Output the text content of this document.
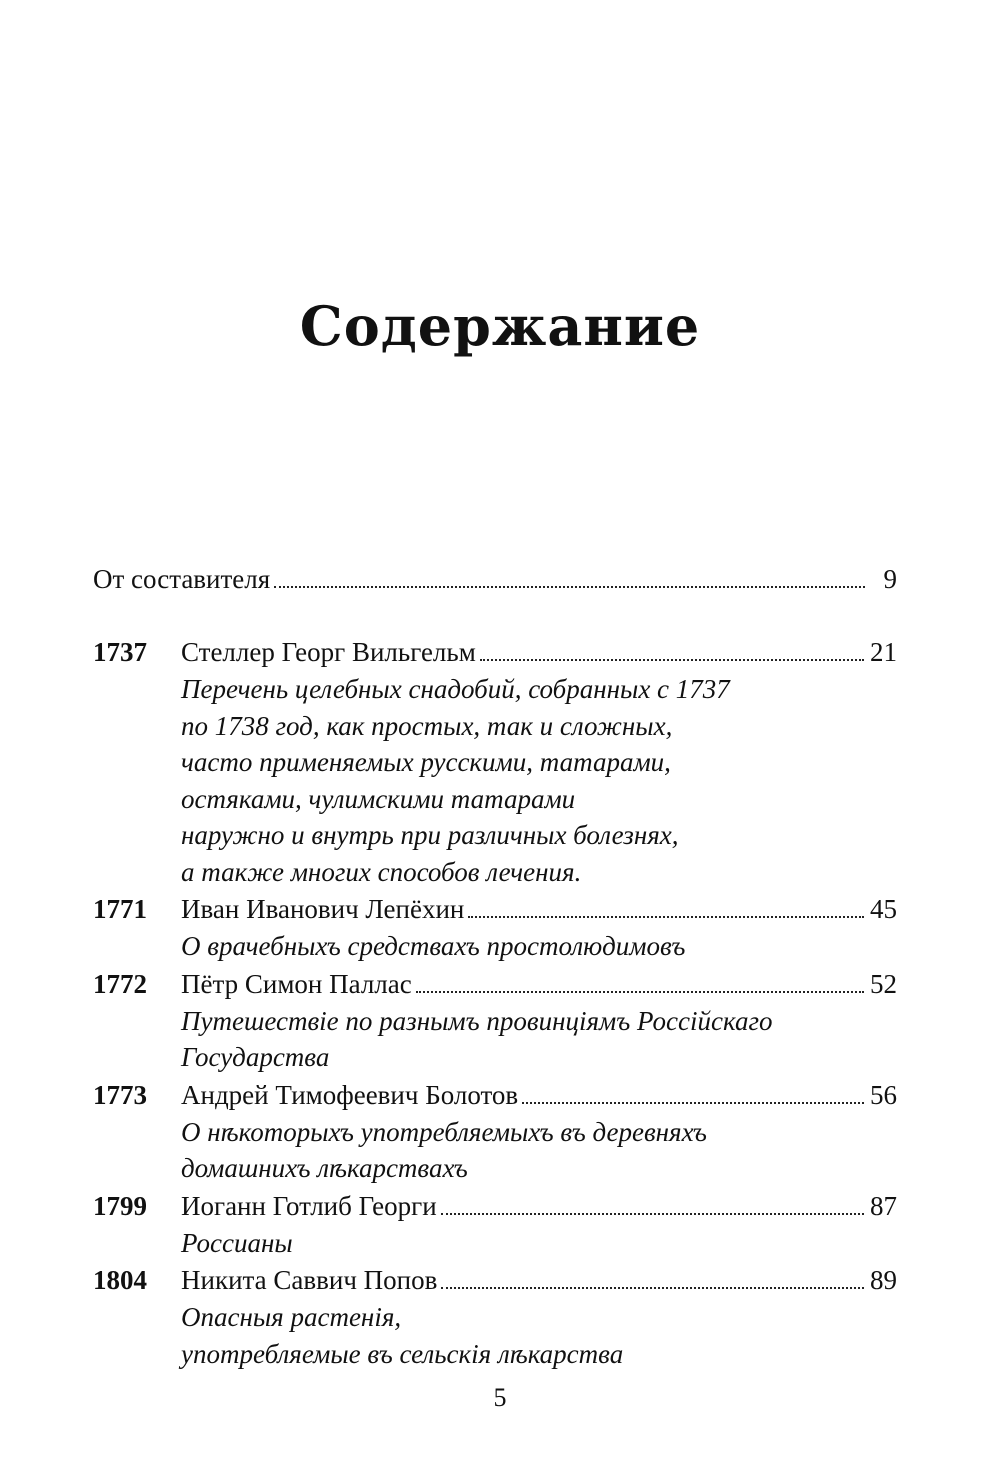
Содержание
От составителя	9
1737	Стеллер Георг Вильгельм	21
Перечень целебных снадобий, собранных с 1737
по 1738 год, как простых, так и сложных,
часто применяемых русскими, татарами,
остяками, чулимскими татарами
наружно и внутрь при различных болезнях,
а также многих способов лечения.
1771	Иван Иванович Лепёхин	45
О врачебныхъ средствахъ простолюдимовъ
1772	Пётр Симон Паллас	52
Путешествіе по разнымъ провинціямъ Россійскаго
Государства
1773	Андрей Тимофеевич Болотов	56
О нѣкоторыхъ употребляемыхъ въ деревняхъ
домашнихъ лѣкарствахъ
1799	Иоганн Готлиб Георги	87
Россианы
1804	Никита Саввич Попов	89
Опасныя растенія,
употребляемые въ сельскія лѣкарства
5
